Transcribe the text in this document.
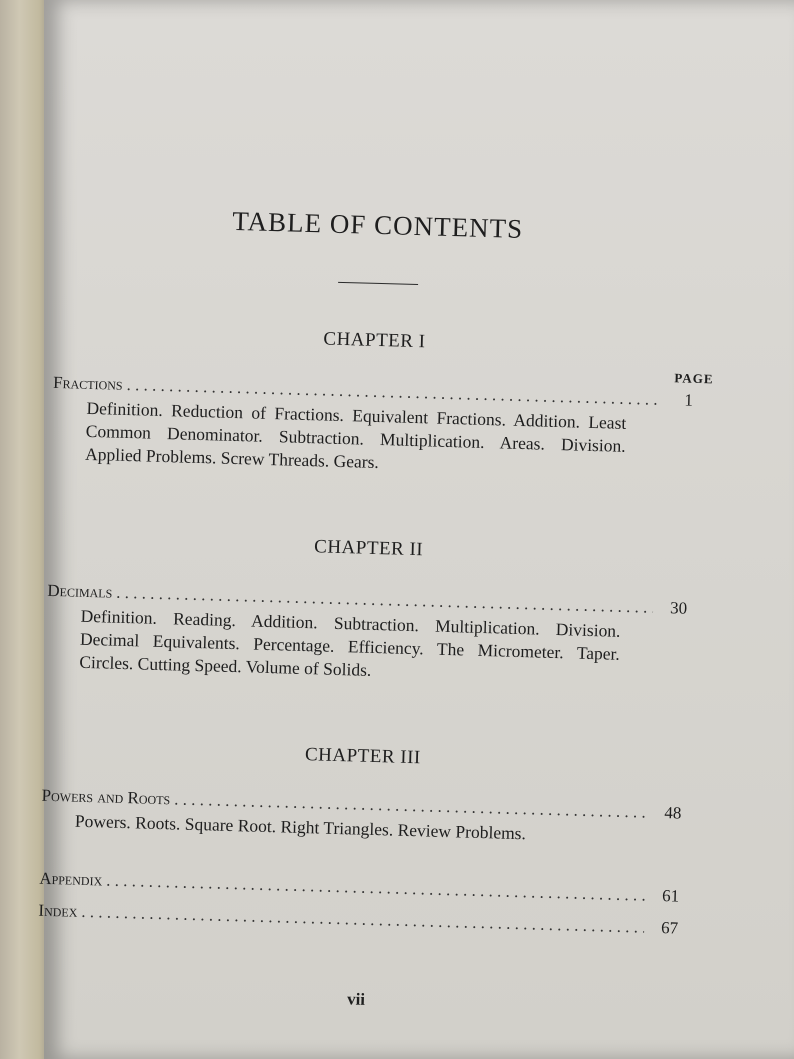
TABLE OF CONTENTS
CHAPTER I
PAGE
Fractions
. . .
1
Definition. Reduction of Fractions. Equivalent Fractions. Addition. Least Common Denominator. Subtraction. Multiplication. Areas. Division. Applied Problems. Screw Threads. Gears.
CHAPTER II
Decimals
. . .
30
Definition. Reading. Addition. Subtraction. Multiplication. Division. Decimal Equivalents. Percentage. Efficiency. The Micrometer. Taper. Circles. Cutting Speed. Volume of Solids.
CHAPTER III
Powers and Roots
. . .
48
Powers. Roots. Square Root. Right Triangles. Review Problems.
Appendix
. . .
61
Index
. . .
67
vii
